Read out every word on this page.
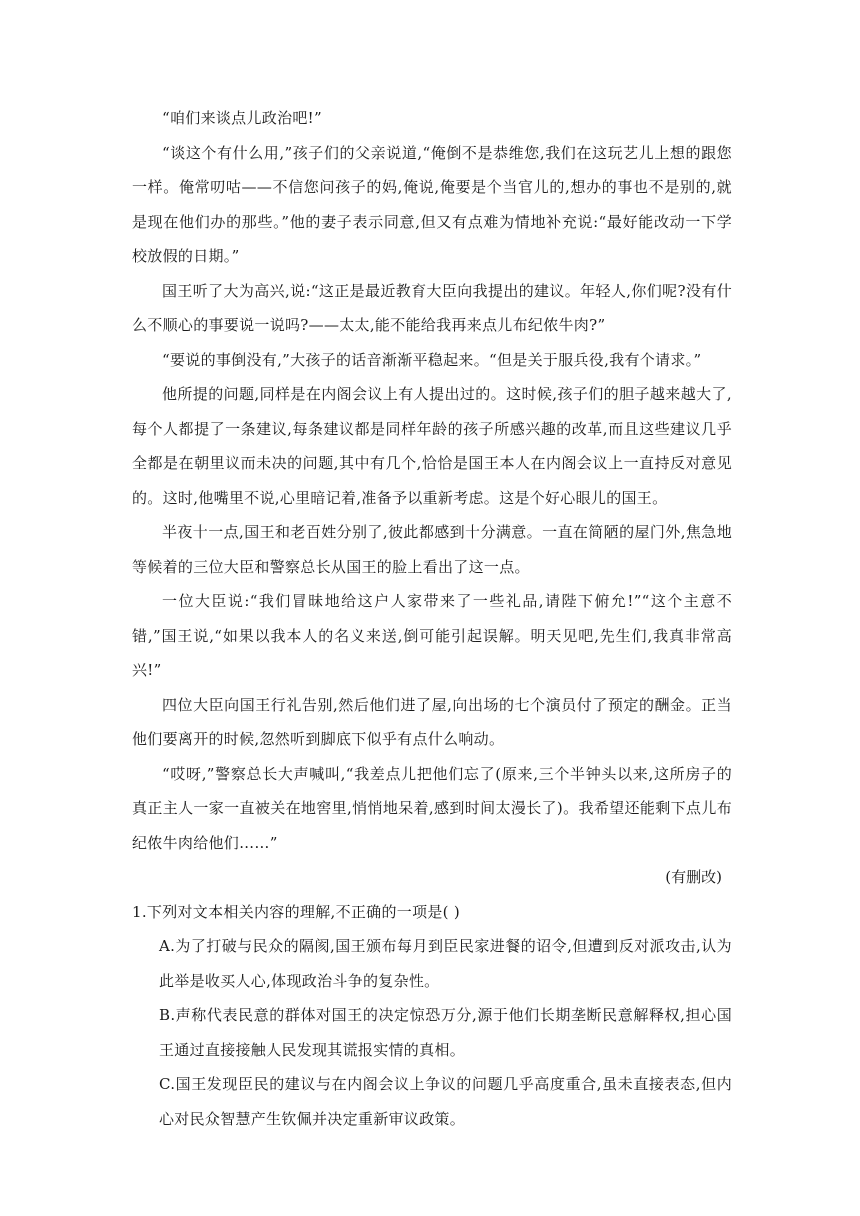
“咱们来谈点儿政治吧!”

“谈这个有什么用,”孩子们的父亲说道,“俺倒不是恭维您,我们在这玩艺儿上想的跟您一样。俺常叨咕——不信您问孩子的妈,俺说,俺要是个当官儿的,想办的事也不是别的,就是现在他们办的那些。”他的妻子表示同意,但又有点难为情地补充说:“最好能改动一下学校放假的日期。”

国王听了大为高兴,说:“这正是最近教育大臣向我提出的建议。年轻人,你们呢?没有什么不顺心的事要说一说吗?——太太,能不能给我再来点儿布纪侬牛肉?”

“要说的事倒没有,”大孩子的话音渐渐平稳起来。“但是关于服兵役,我有个请求。”

他所提的问题,同样是在内阁会议上有人提出过的。这时候,孩子们的胆子越来越大了,每个人都提了一条建议,每条建议都是同样年龄的孩子所感兴趣的改革,而且这些建议几乎全都是在朝里议而未决的问题,其中有几个,恰恰是国王本人在内阁会议上一直持反对意见的。这时,他嘴里不说,心里暗记着,准备予以重新考虑。这是个好心眼儿的国王。

半夜十一点,国王和老百姓分别了,彼此都感到十分满意。一直在简陋的屋门外,焦急地等候着的三位大臣和警察总长从国王的脸上看出了这一点。

一位大臣说:“我们冒昧地给这户人家带来了一些礼品,请陛下俯允!”“这个主意不错,”国王说,“如果以我本人的名义来送,倒可能引起误解。明天见吧,先生们,我真非常高兴!”

四位大臣向国王行礼告别,然后他们进了屋,向出场的七个演员付了预定的酬金。正当他们要离开的时候,忽然听到脚底下似乎有点什么响动。

“哎呀,”警察总长大声喊叫,“我差点儿把他们忘了(原来,三个半钟头以来,这所房子的真正主人一家一直被关在地窖里,悄悄地呆着,感到时间太漫长了)。我希望还能剩下点儿布纪侬牛肉给他们……”

(有删改)

1.下列对文本相关内容的理解,不正确的一项是( )

A.为了打破与民众的隔阂,国王颁布每月到臣民家进餐的诏令,但遭到反对派攻击,认为此举是收买人心,体现政治斗争的复杂性。

B.声称代表民意的群体对国王的决定惊恐万分,源于他们长期垄断民意解释权,担心国王通过直接接触人民发现其谎报实情的真相。

C.国王发现臣民的建议与在内阁会议上争议的问题几乎高度重合,虽未直接表态,但内心对民众智慧产生钦佩并决定重新审议政策。
